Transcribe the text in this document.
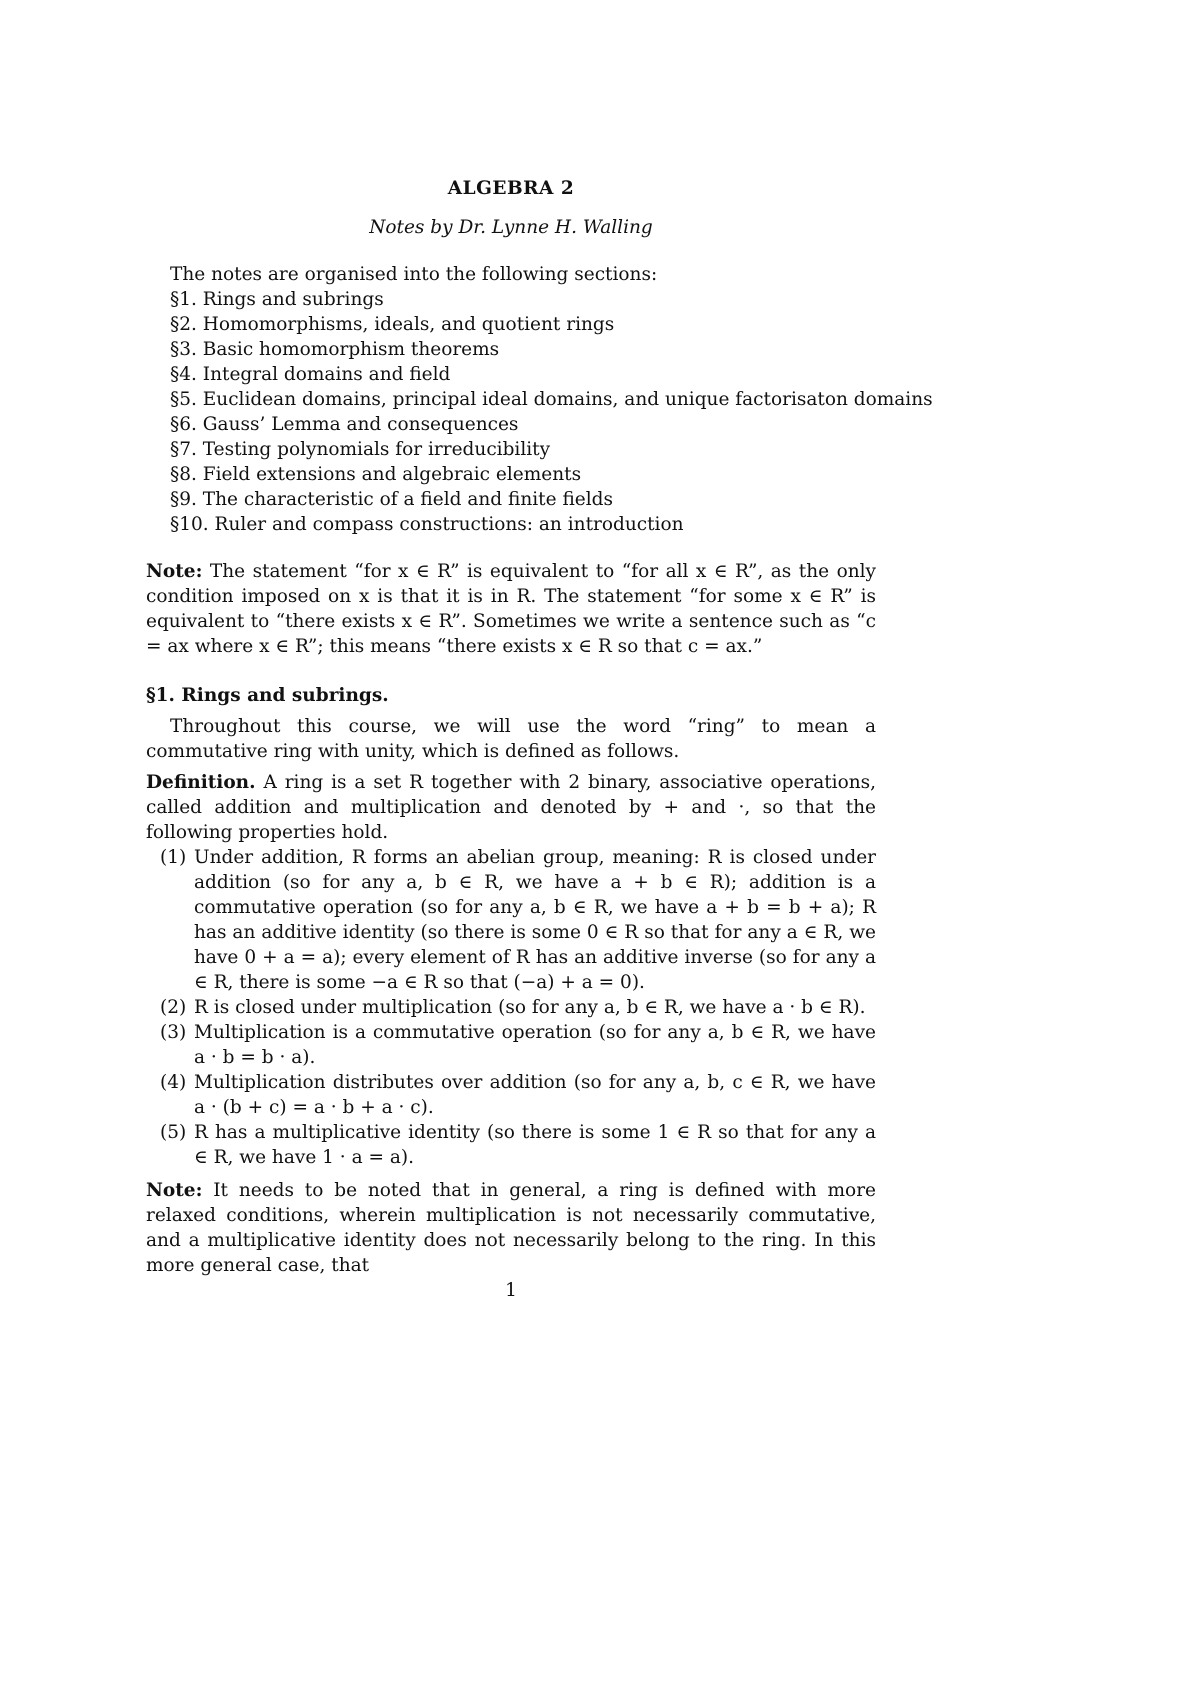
ALGEBRA 2
Notes by Dr. Lynne H. Walling
The notes are organised into the following sections:
§1. Rings and subrings
§2. Homomorphisms, ideals, and quotient rings
§3. Basic homomorphism theorems
§4. Integral domains and field
§5. Euclidean domains, principal ideal domains, and unique factorisaton domains
§6. Gauss’ Lemma and consequences
§7. Testing polynomials for irreducibility
§8. Field extensions and algebraic elements
§9. The characteristic of a field and finite fields
§10. Ruler and compass constructions: an introduction

Note: The statement “for x ∈ R” is equivalent to “for all x ∈ R”, as the only condition imposed on x is that it is in R. The statement “for some x ∈ R” is equivalent to “there exists x ∈ R”. Sometimes we write a sentence such as “c = ax where x ∈ R”; this means “there exists x ∈ R so that c = ax.”

§1. Rings and subrings.

Throughout this course, we will use the word “ring” to mean a commutative ring with unity, which is defined as follows.

Definition. A ring is a set R together with 2 binary, associative operations, called addition and multiplication and denoted by + and ·, so that the following properties hold.

(1) Under addition, R forms an abelian group, meaning: R is closed under addition (so for any a, b ∈ R, we have a + b ∈ R); addition is a commutative operation (so for any a, b ∈ R, we have a + b = b + a); R has an additive identity (so there is some 0 ∈ R so that for any a ∈ R, we have 0 + a = a); every element of R has an additive inverse (so for any a ∈ R, there is some −a ∈ R so that (−a) + a = 0).
(2) R is closed under multiplication (so for any a, b ∈ R, we have a · b ∈ R).
(3) Multiplication is a commutative operation (so for any a, b ∈ R, we have a · b = b · a).
(4) Multiplication distributes over addition (so for any a, b, c ∈ R, we have a · (b + c) = a · b + a · c).
(5) R has a multiplicative identity (so there is some 1 ∈ R so that for any a ∈ R, we have 1 · a = a).

Note: It needs to be noted that in general, a ring is defined with more relaxed conditions, wherein multiplication is not necessarily commutative, and a multiplicative identity does not necessarily belong to the ring. In this more general case, that

1
